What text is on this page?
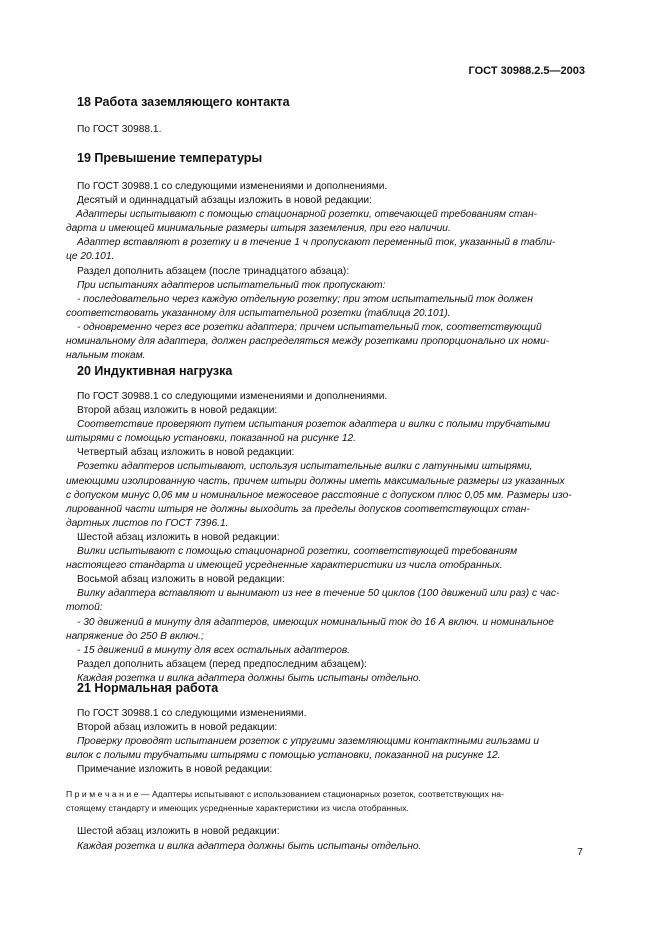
ГОСТ 30988.2.5—2003
18 Работа заземляющего контакта

По ГОСТ 30988.1.

19 Превышение температуры

По ГОСТ 30988.1 со следующими изменениями и дополнениями.

Десятый и одиннадцатый абзацы изложить в новой редакции:

Адаптеры испытывают с помощью стационарной розетки, отвечающей требованиям стан-

дарта и имеющей минимальные размеры штыря заземления, при его наличии.

Адаптер вставляют в розетку и в течение 1 ч пропускают переменный ток, указанный в табли-

це 20.101.

Раздел дополнить абзацем (после тринадцатого абзаца):

При испытаниях адаптеров испытательный ток пропускают:

- последовательно через каждую отдельную розетку; при этом испытательный ток должен

соответствовать указанному для испытательной розетки (таблица 20.101).

- одновременно через все розетки адаптера; причем испытательный ток, соответствующий

номинальному для адаптера, должен распределяться между розетками пропорционально их номи-

нальным токам.

20 Индуктивная нагрузка

По ГОСТ 30988.1 со следующими изменениями и дополнениями.

Второй абзац изложить в новой редакции:

Соответствие проверяют путем испытания розеток адаптера и вилки с полыми трубчатыми

штырями с помощью установки, показанной на рисунке 12.

Четвертый абзац изложить в новой редакции:

Розетки адаптеров испытывают, используя испытательные вилки с латунными штырями,

имеющими изолированную часть, причем штыри должны иметь максимальные размеры из указанных

с допуском минус 0,06 мм и номинальное межосевое расстояние с допуском плюс 0,05 мм. Размеры изо-

лированной части штыря не должны выходить за пределы допусков соответствующих стан-

дартных листов по ГОСТ 7396.1.

Шестой абзац изложить в новой редакции:

Вилки испытывают с помощью стационарной розетки, соответствующей требованиям

настоящего стандарта и имеющей усредненные характеристики из числа отобранных.

Восьмой абзац изложить в новой редакции:

Вилку адаптера вставляют и вынимают из нее в течение 50 циклов (100 движений или раз) с час-

тотой:

- 30 движений в минуту для адаптеров, имеющих номинальный ток до 16 А включ. и номинальное

напряжение до 250 В включ.;

- 15 движений в минуту для всех остальных адаптеров.

Раздел дополнить абзацем (перед предпоследним абзацем):

Каждая розетка и вилка адаптера должны быть испытаны отдельно.

21 Нормальная работа

По ГОСТ 30988.1 со следующими изменениями.

Второй абзац изложить в новой редакции:

Проверку проводят испытанием розеток с упругими заземляющими контактными гильзами и

вилок с полыми трубчатыми штырями с помощью установки, показанной на рисунке 12.

Примечание изложить в новой редакции:

П р и м е ч а н и е — Адаптеры испытывают с использованием стационарных розеток, соответствующих на-

стоящему стандарту и имеющих усредненные характеристики из числа отобранных.

Шестой абзац изложить в новой редакции:

Каждая розетка и вилка адаптера должны быть испытаны отдельно.	7
